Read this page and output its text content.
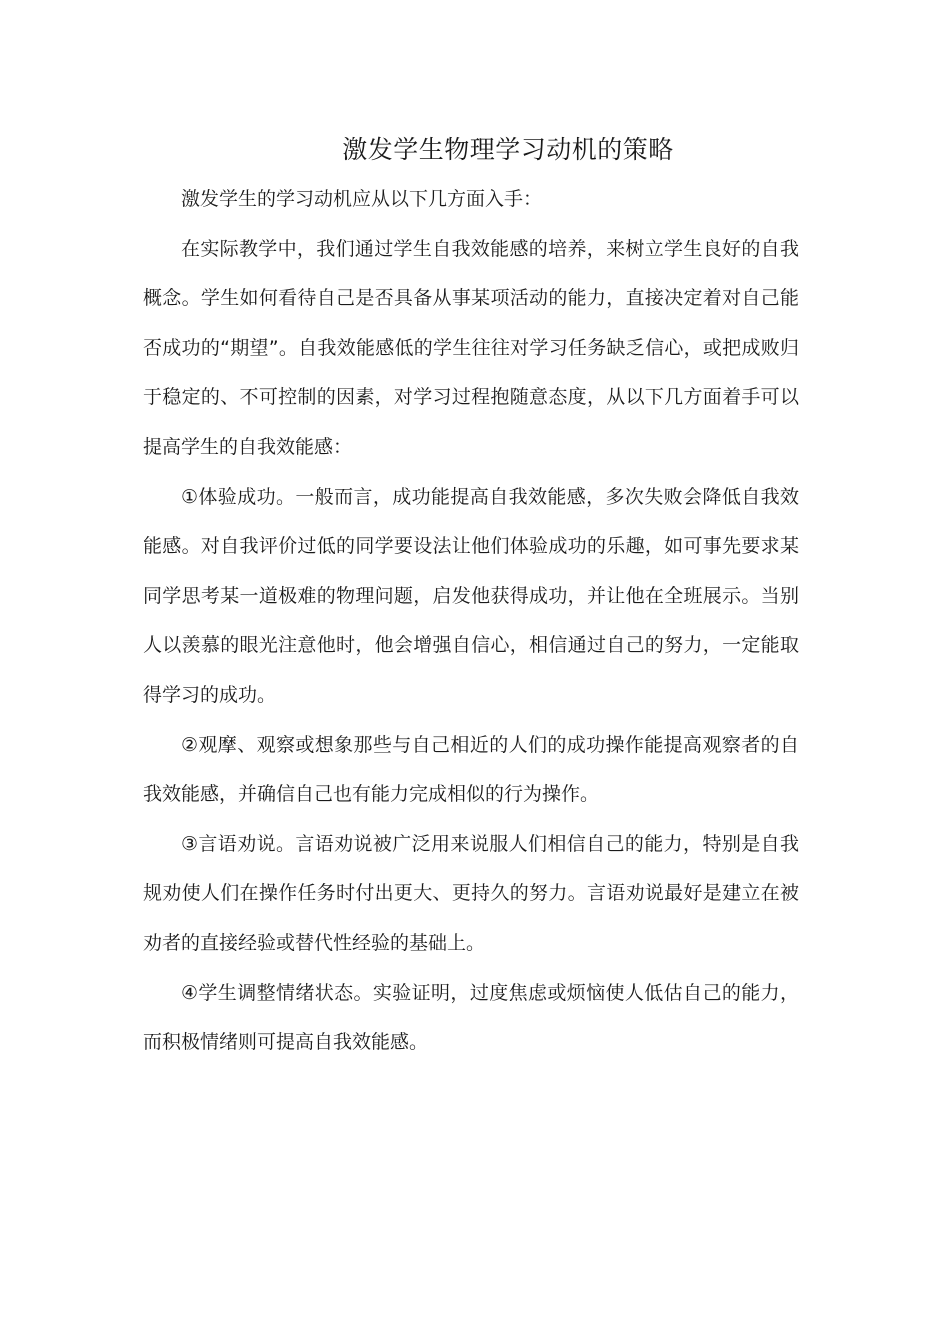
激发学生物理学习动机的策略

激发学生的学习动机应从以下几方面入手：

在实际教学中，我们通过学生自我效能感的培养，来树立学生良好的自我概念。学生如何看待自己是否具备从事某项活动的能力，直接决定着对自己能否成功的“期望”。自我效能感低的学生往往对学习任务缺乏信心，或把成败归于稳定的、不可控制的因素，对学习过程抱随意态度，从以下几方面着手可以提高学生的自我效能感：

①体验成功。一般而言，成功能提高自我效能感，多次失败会降低自我效能感。对自我评价过低的同学要设法让他们体验成功的乐趣，如可事先要求某同学思考某一道极难的物理问题，启发他获得成功，并让他在全班展示。当别人以羡慕的眼光注意他时，他会增强自信心，相信通过自己的努力，一定能取得学习的成功。

②观摩、观察或想象那些与自己相近的人们的成功操作能提高观察者的自我效能感，并确信自己也有能力完成相似的行为操作。

③言语劝说。言语劝说被广泛用来说服人们相信自己的能力，特别是自我规劝使人们在操作任务时付出更大、更持久的努力。言语劝说最好是建立在被劝者的直接经验或替代性经验的基础上。

④学生调整情绪状态。实验证明，过度焦虑或烦恼使人低估自己的能力，而积极情绪则可提高自我效能感。
